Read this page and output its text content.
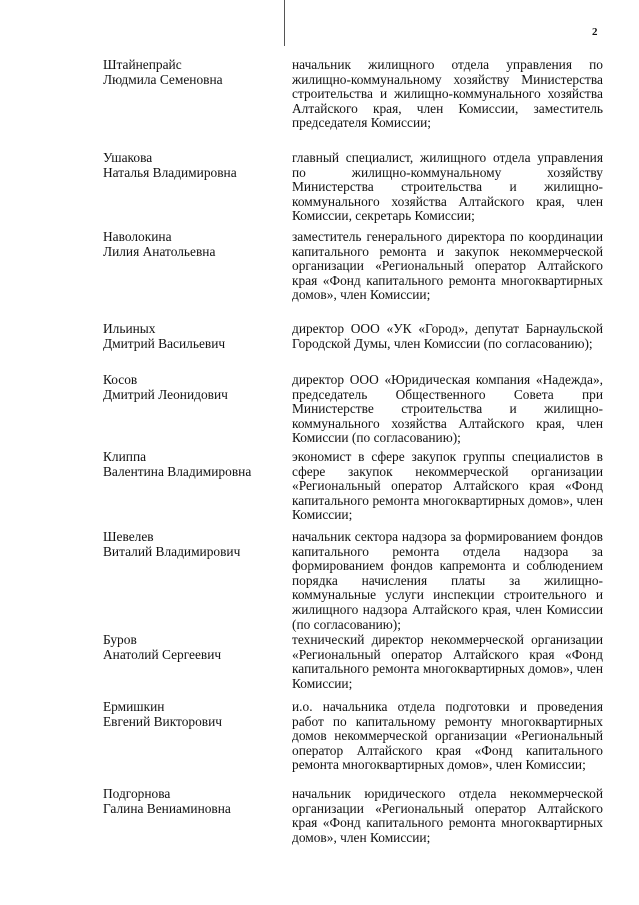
2
Штайнепрайс
Людмила Семеновна
начальник жилищного отдела управления по жилищно-коммунальному хозяйству Министерства строительства и жилищно-коммунального хозяйства Алтайского края, член Комиссии, заместитель председателя Комиссии;
Ушакова
Наталья Владимировна
главный специалист, жилищного отдела управления по жилищно-коммунальному хозяйству Министерства строительства и жилищно-коммунального хозяйства Алтайского края, член Комиссии, секретарь Комиссии;
Наволокина
Лилия Анатольевна
заместитель генерального директора по координации капитального ремонта и закупок некоммерческой организации «Региональный оператор Алтайского края «Фонд капитального ремонта многоквартирных домов», член Комиссии;
Ильиных
Дмитрий Васильевич
директор ООО «УК «Город», депутат Барнаульской Городской Думы, член Комиссии (по согласованию);
Косов
Дмитрий Леонидович
директор ООО «Юридическая компания «Надежда», председатель Общественного Совета при Министерстве строительства и жилищно-коммунального хозяйства Алтайского края, член Комиссии (по согласованию);
Клиппа
Валентина Владимировна
экономист в сфере закупок группы специалистов в сфере закупок некоммерческой организации «Региональный оператор Алтайского края «Фонд капитального ремонта многоквартирных домов», член Комиссии;
Шевелев
Виталий Владимирович
начальник сектора надзора за формированием фондов капитального ремонта отдела надзора за формированием фондов капремонта и соблюдением порядка начисления платы за жилищно-коммунальные услуги инспекции строительного и жилищного надзора Алтайского края, член Комиссии (по согласованию);
Буров
Анатолий Сергеевич
технический директор некоммерческой организации «Региональный оператор Алтайского края «Фонд капитального ремонта многоквартирных домов», член Комиссии;
Ермишкин
Евгений Викторович
и.о. начальника отдела подготовки и проведения работ по капитальному ремонту многоквартирных домов некоммерческой организации «Региональный оператор Алтайского края «Фонд капитального ремонта многоквартирных домов», член Комиссии;
Подгорнова
Галина Вениаминовна
начальник юридического отдела некоммерческой организации «Региональный оператор Алтайского края «Фонд капитального ремонта многоквартирных домов», член Комиссии;
